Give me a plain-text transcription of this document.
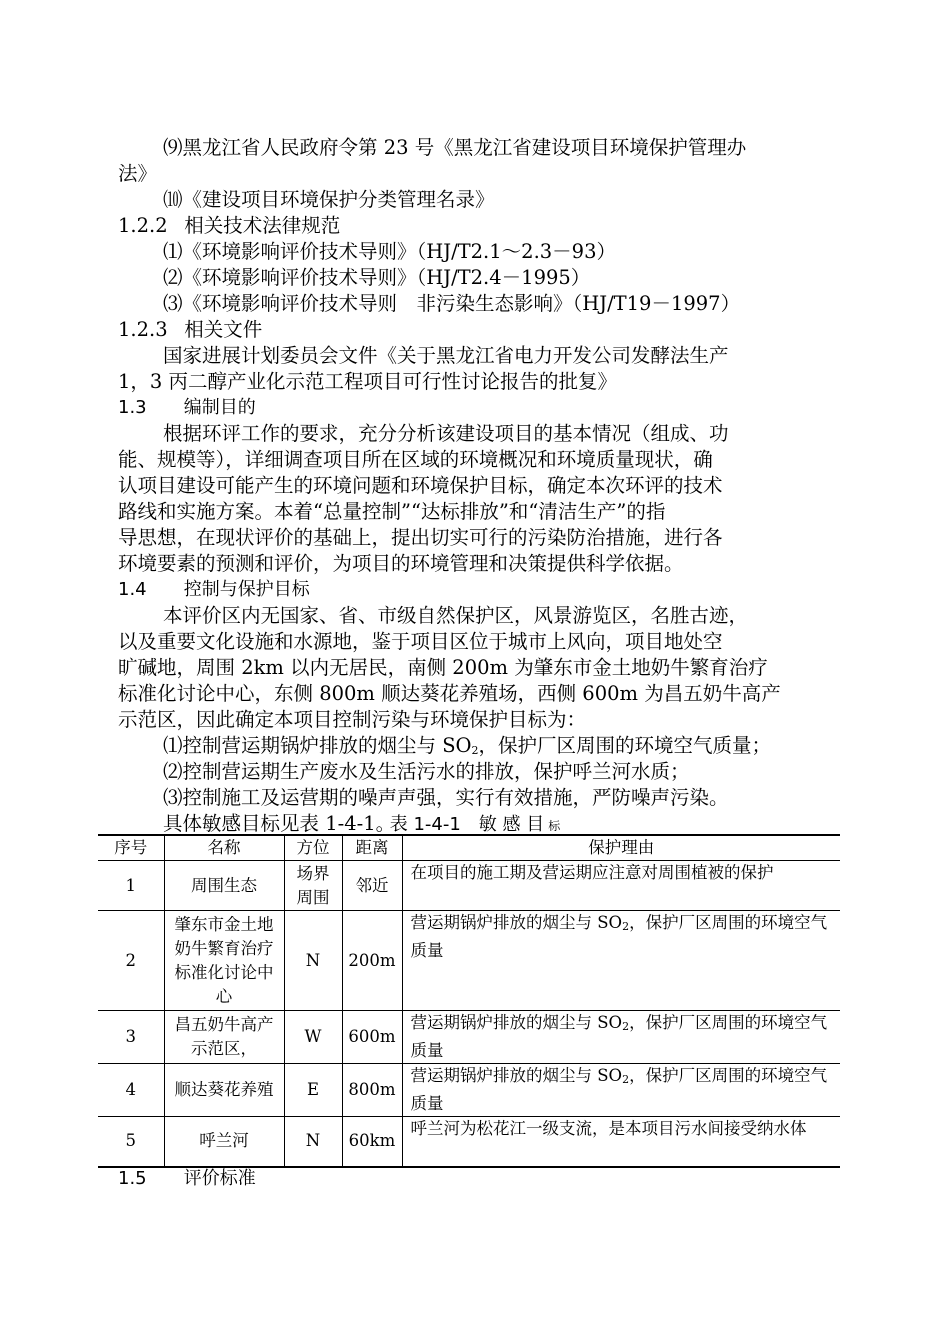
⑼黑龙江省人民政府令第 23 号《黑龙江省建设项目环境保护管理办
法》
⑽《建设项目环境保护分类管理名录》
1.2.2 相关技术法律规范
⑴《环境影响评价技术导则》（HJ/T2.1～2.3－93）
⑵《环境影响评价技术导则》（HJ/T2.4－1995）
⑶《环境影响评价技术导则　非污染生态影响》（HJ/T19－1997）
1.2.3 相关文件
国家进展计划委员会文件《关于黑龙江省电力开发公司发酵法生产
1，3 丙二醇产业化示范工程项目可行性讨论报告的批复》
1.3 编制目的
根据环评工作的要求，充分分析该建设项目的基本情况（组成、功
能、规模等），详细调查项目所在区域的环境概况和环境质量现状，确
认项目建设可能产生的环境问题和环境保护目标，确定本次环评的技术
路线和实施方案。本着“总量控制”“达标排放”和“清洁生产”的指
导思想，在现状评价的基础上，提出切实可行的污染防治措施，进行各
环境要素的预测和评价，为项目的环境管理和决策提供科学依据。
1.4 控制与保护目标
本评价区内无国家、省、市级自然保护区，风景游览区，名胜古迹，
以及重要文化设施和水源地，鉴于项目区位于城市上风向，项目地处空
旷碱地，周围 2km 以内无居民，南侧 200m 为肇东市金土地奶牛繁育治疗
标准化讨论中心，东侧 800m 顺达葵花养殖场，西侧 600m 为昌五奶牛高产
示范区，因此确定本项目控制污染与环境保护目标为：
⑴控制营运期锅炉排放的烟尘与 SO2，保护厂区周围的环境空气质量；
⑵控制营运期生产废水及生活污水的排放，保护呼兰河水质；
⑶控制施工及运营期的噪声声强，实行有效措施，严防噪声污染。
具体敏感目标见表 1-4-1。
表 1-4-1　敏 感 目 标
序号	名称	方位	距离	保护理由
1	周围生态	场界周围	邻近	在项目的施工期及营运期应注意对周围植被的保护
2	肇东市金土地奶牛繁育治疗标准化讨论中心	N	200m	营运期锅炉排放的烟尘与 SO2，保护厂区周围的环境空气质量
3	昌五奶牛高产示范区，	W	600m	营运期锅炉排放的烟尘与 SO2，保护厂区周围的环境空气质量
4	顺达葵花养殖	E	800m	营运期锅炉排放的烟尘与 SO2，保护厂区周围的环境空气质量
5	呼兰河	N	60km	呼兰河为松花江一级支流，是本项目污水间接受纳水体
1.5 评价标准
